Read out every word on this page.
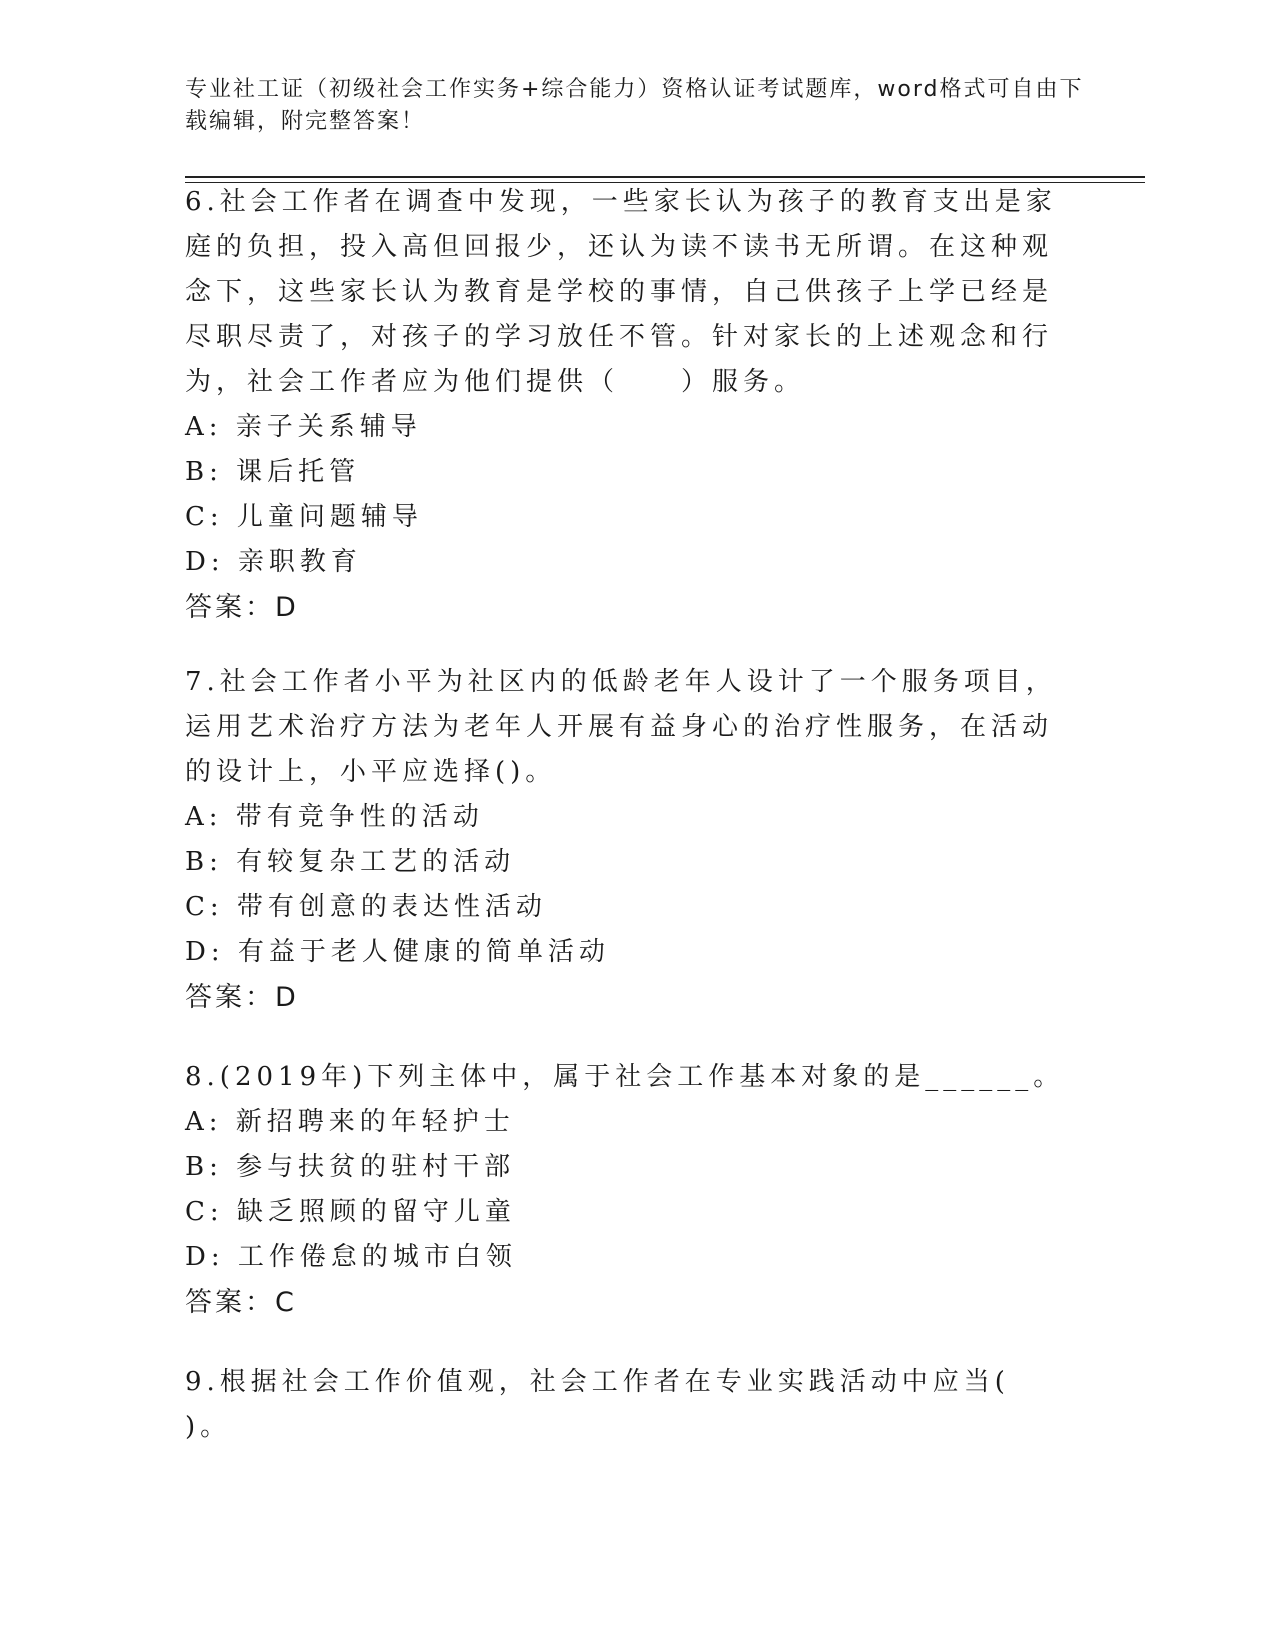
专业社工证（初级社会工作实务+综合能力）资格认证考试题库，word格式可自由下载编辑，附完整答案！
6.社会工作者在调查中发现，一些家长认为孩子的教育支出是家庭的负担，投入高但回报少，还认为读不读书无所谓。在这种观念下，这些家长认为教育是学校的事情，自己供孩子上学已经是尽职尽责了，对孩子的学习放任不管。针对家长的上述观念和行为，社会工作者应为他们提供（　　）服务。
A: 亲子关系辅导
B: 课后托管
C: 儿童问题辅导
D: 亲职教育
答案：D
7.社会工作者小平为社区内的低龄老年人设计了一个服务项目，运用艺术治疗方法为老年人开展有益身心的治疗性服务，在活动的设计上，小平应选择()。
A: 带有竞争性的活动
B: 有较复杂工艺的活动
C: 带有创意的表达性活动
D: 有益于老人健康的简单活动
答案：D
8.(2019年)下列主体中，属于社会工作基本对象的是______。
A: 新招聘来的年轻护士
B: 参与扶贫的驻村干部
C: 缺乏照顾的留守儿童
D: 工作倦怠的城市白领
答案：C
9.根据社会工作价值观，社会工作者在专业实践活动中应当( )。
